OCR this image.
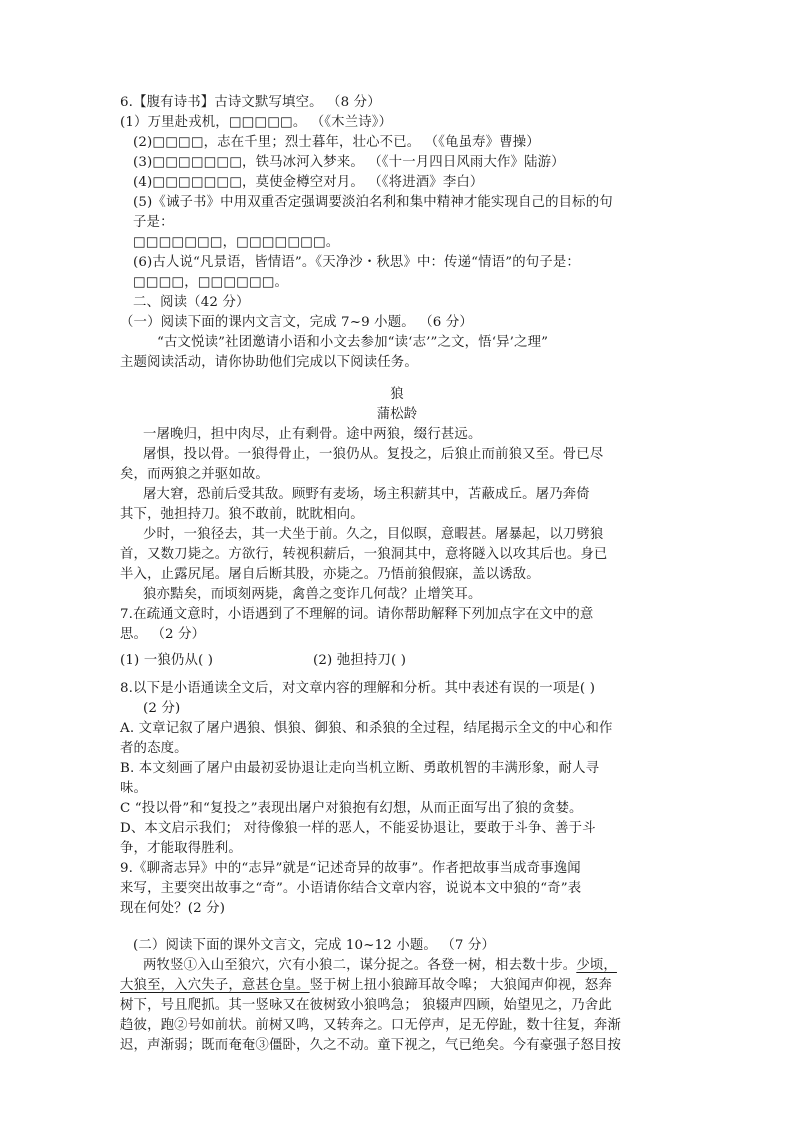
6.【腹有诗书】古诗文默写填空。 （8 分）
(1）万里赴戎机，□□□□□。 （《木兰诗》）
(2)□□□□，志在千里；烈士暮年，壮心不已。 （《龟虽寿》曹操）
(3)□□□□□□□，铁马冰河入梦来。 （《十一月四日风雨大作》陆游）
(4)□□□□□□□，莫使金樽空对月。 （《将进酒》李白）
(5)《诫子书》中用双重否定强调要淡泊名利和集中精神才能实现自己的目标的句
子是：
□□□□□□□，□□□□□□□。
(6)古人说“凡景语，皆情语”。《天净沙・秋思》中：传递“情语”的句子是：
□□□□，□□□□□□。
二、阅读（42 分）
（一）阅读下面的课内文言文，完成 7~9 小题。 （6 分）
“古文悦读”社团邀请小语和小文去参加“读‘志’”之文，悟‘异’之理”
主题阅读活动，请你协助他们完成以下阅读任务。
狼
蒲松龄
一屠晚归，担中肉尽，止有剩骨。途中两狼，缀行甚远。
屠惧，投以骨。一狼得骨止，一狼仍从。复投之，后狼止而前狼又至。骨已尽
矣，而两狼之并驱如故。
屠大窘，恐前后受其敌。顾野有麦场，场主积薪其中，苫蔽成丘。屠乃奔倚
其下，弛担持刀。狼不敢前，眈眈相向。
少时，一狼径去，其一犬坐于前。久之，目似暝，意暇甚。屠暴起，以刀劈狼
首，又数刀毙之。方欲行，转视积薪后，一狼洞其中，意将隧入以攻其后也。身已
半入，止露尻尾。屠自后断其股，亦毙之。乃悟前狼假寐，盖以诱敌。
狼亦黠矣，而顷刻两毙，禽兽之变诈几何哉？止增笑耳。
7.在疏通文意时，小语遇到了不理解的词。请你帮助解释下列加点字在文中的意
思。 （2 分）
(1) 一狼仍从( )	(2) 弛担持刀( )
8.以下是小语通读全文后，对文章内容的理解和分析。其中表述有误的一项是( )
(2 分)
A. 文章记叙了屠户遇狼、惧狼、御狼、和杀狼的全过程，结尾揭示全文的中心和作
者的态度。
B. 本文刻画了屠户由最初妥协退让走向当机立断、勇敢机智的丰满形象，耐人寻
味。
C “投以骨”和“复投之”表现出屠户对狼抱有幻想，从而正面写出了狼的贪婪。
D、本文启示我们； 对待像狼一样的恶人，不能妥协退让，要敢于斗争、善于斗
争，才能取得胜利。
9.《聊斋志异》中的“志异”就是“记述奇异的故事”。作者把故事当成奇事逸闻
来写，主要突出故事之“奇”。小语请你结合文章内容，说说本文中狼的“奇”表
现在何处？(2 分)
(二）阅读下面的课外文言文，完成 10~12 小题。 （7 分）
两牧竖①入山至狼穴，穴有小狼二，谋分捉之。各登一树，相去数十步。少顷，
大狼至，入穴失子，意甚仓皇。竖于树上扭小狼蹄耳故令嗥； 大狼闻声仰视，怒奔
树下，号且爬抓。其一竖咏又在彼树致小狼鸣急； 狼辍声四顾，始望见之，乃舍此
趋彼，跑②号如前状。前树又鸣，又转奔之。口无停声，足无停趾，数十往复，奔渐
迟，声渐弱；既而奄奄③僵卧，久之不动。童下视之，气已绝矣。今有豪强子怒目按
